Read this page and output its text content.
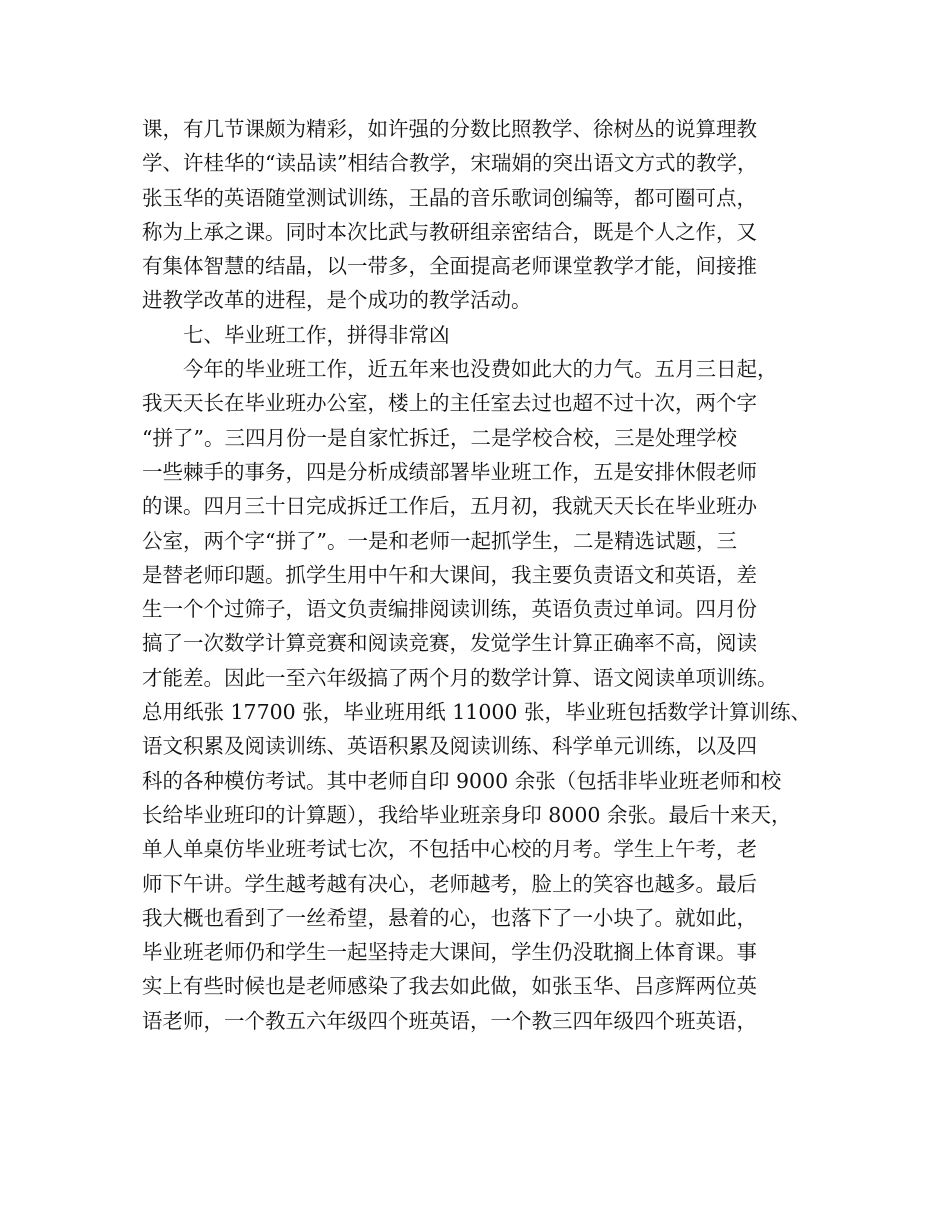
课，有几节课颇为精彩，如许强的分数比照教学、徐树丛的说算理教

学、许桂华的“读品读”相结合教学，宋瑞娟的突出语文方式的教学，

张玉华的英语随堂测试训练，王晶的音乐歌词创编等，都可圈可点，

称为上承之课。同时本次比武与教研组亲密结合，既是个人之作，又

有集体智慧的结晶，以一带多，全面提高老师课堂教学才能，间接推

进教学改革的进程，是个成功的教学活动。

七、毕业班工作，拼得非常凶

今年的毕业班工作，近五年来也没费如此大的力气。五月三日起，

我天天长在毕业班办公室，楼上的主任室去过也超不过十次，两个字

“拼了”。三四月份一是自家忙拆迁，二是学校合校，三是处理学校

一些棘手的事务，四是分析成绩部署毕业班工作，五是安排休假老师

的课。四月三十日完成拆迁工作后，五月初，我就天天长在毕业班办

公室，两个字“拼了”。一是和老师一起抓学生，二是精选试题，三

是替老师印题。抓学生用中午和大课间，我主要负责语文和英语，差

生一个个过筛子，语文负责编排阅读训练，英语负责过单词。四月份

搞了一次数学计算竞赛和阅读竞赛，发觉学生计算正确率不高，阅读

才能差。因此一至六年级搞了两个月的数学计算、语文阅读单项训练。

总用纸张 17700 张，毕业班用纸 11000 张，毕业班包括数学计算训练、

语文积累及阅读训练、英语积累及阅读训练、科学单元训练，以及四

科的各种模仿考试。其中老师自印 9000 余张（包括非毕业班老师和校

长给毕业班印的计算题），我给毕业班亲身印 8000 余张。最后十来天，

单人单桌仿毕业班考试七次，不包括中心校的月考。学生上午考，老

师下午讲。学生越考越有决心，老师越考，脸上的笑容也越多。最后

我大概也看到了一丝希望，悬着的心，也落下了一小块了。就如此，

毕业班老师仍和学生一起坚持走大课间，学生仍没耽搁上体育课。事

实上有些时候也是老师感染了我去如此做，如张玉华、吕彦辉两位英

语老师，一个教五六年级四个班英语，一个教三四年级四个班英语，
